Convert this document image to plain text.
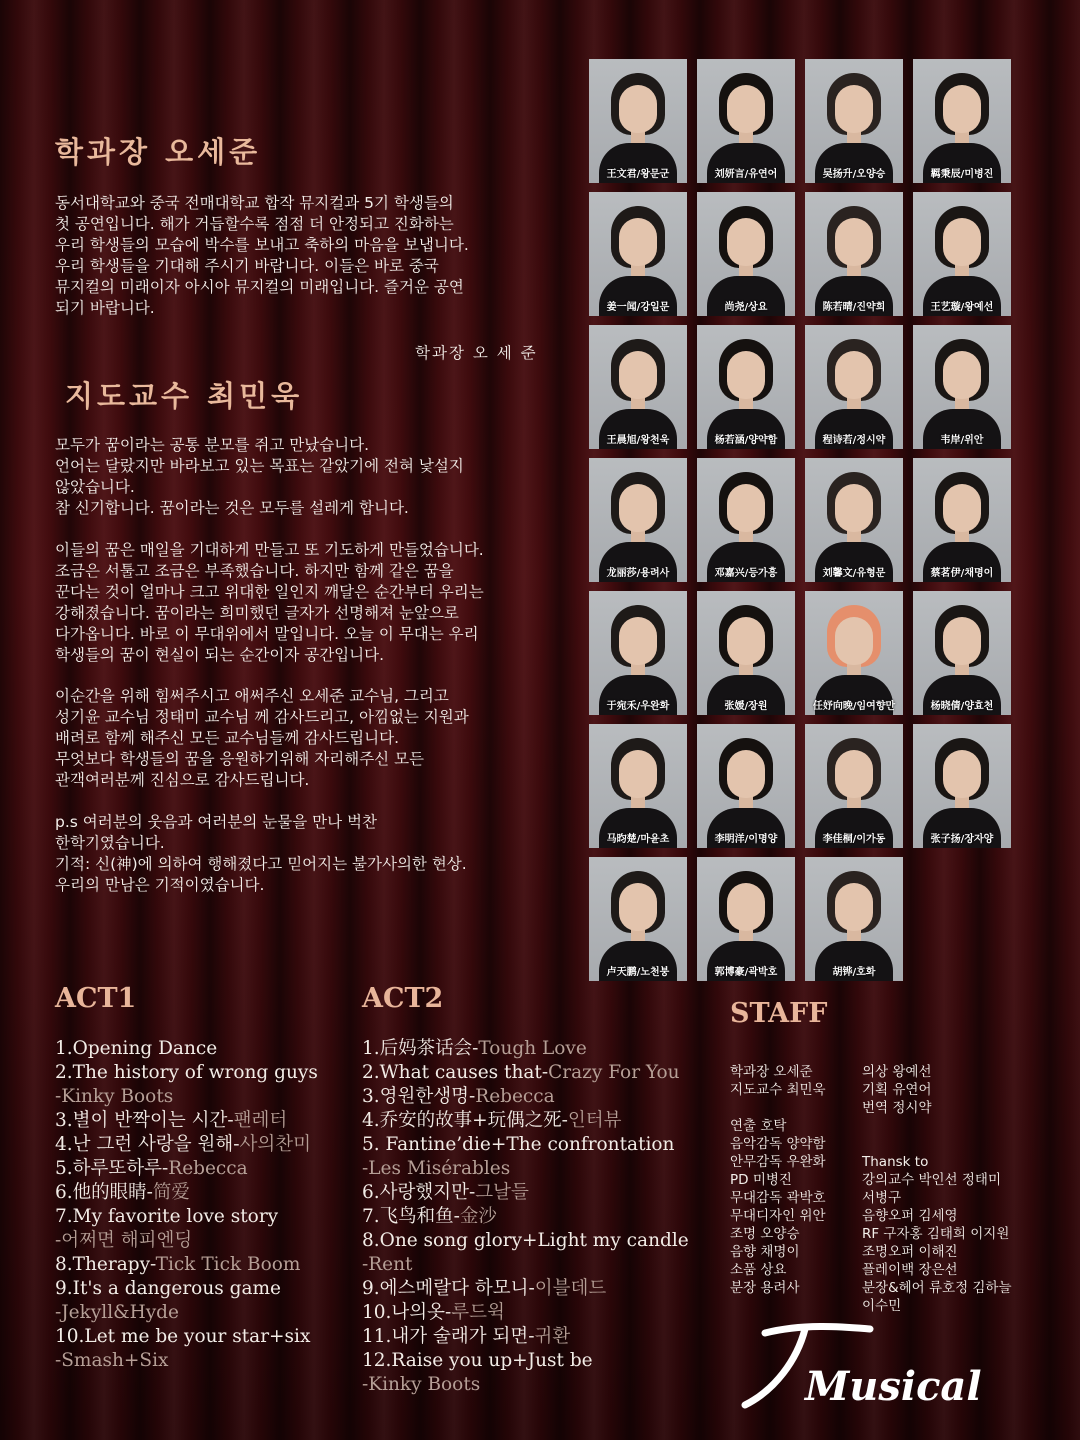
학과장 오세준

동서대학교와 중국 전매대학교 합작 뮤지컬과 5기 학생들의
첫 공연입니다. 해가 거듭할수록 점점 더 안정되고 진화하는
우리 학생들의 모습에 박수를 보내고 축하의 마음을 보냅니다.
우리 학생들을 기대해 주시기 바랍니다. 이들은 바로 중국
뮤지컬의 미래이자 아시아 뮤지컬의 미래입니다. 즐거운 공연
되기 바랍니다.

학과장 오 세 준
지도교수 최민욱

모두가 꿈이라는 공통 분모를 쥐고 만났습니다.
언어는 달랐지만 바라보고 있는 목표는 같았기에 전혀 낯설지
않았습니다.
참 신기합니다. 꿈이라는 것은 모두를 설레게 합니다.

이들의 꿈은 매일을 기대하게 만들고 또 기도하게 만들었습니다.
조금은 서툴고 조금은 부족했습니다. 하지만 함께 같은 꿈을
꾼다는 것이 얼마나 크고 위대한 일인지 깨달은 순간부터 우리는
강해졌습니다. 꿈이라는 희미했던 글자가 선명해져 눈앞으로
다가옵니다. 바로 이 무대위에서 말입니다. 오늘 이 무대는 우리
학생들의 꿈이 현실이 되는 순간이자 공간입니다.

이순간을 위해 힘써주시고 애써주신 오세준 교수님, 그리고
성기윤 교수님 정태미 교수님 께 감사드리고, 아낌없는 지원과
배려로 함께 해주신 모든 교수님들께 감사드립니다.
무엇보다 학생들의 꿈을 응원하기위해 자리해주신 모든
관객여러분께 진심으로 감사드립니다.

p.s 여러분의 웃음과 여러분의 눈물을 만나 벅찬
한학기였습니다.
기적: 신(神)에 의하여 행해졌다고 믿어지는 불가사의한 현상.
우리의 만남은 기적이였습니다.

王文君/왕문군	刘妍言/유연어	吴扬升/오양승	羁秉辰/미병진
姜一闻/강일문	尚尧/상요	陈若晴/진약희	王艺璇/왕예선
王晨旭/왕천욱	杨若涵/양약함	程诗若/정시약	韦岸/위안
龙丽莎/용려사	邓嘉兴/등가흥	刘馨文/유형문	蔡茗伊/채명이
于宛禾/우완화	张媛/장원	任妤向晚/임여향만	杨晓倩/양효천
马昀楚/마윤초	李明洋/이명양	李佳桐/이가동	张子扬/장자양
卢天鹏/노천붕	郭博豪/곽박호	胡铧/호화
ACT1
1.Opening Dance
2.The history of wrong guys
-Kinky Boots
3.별이 반짝이는 시간-팬레터
4.난 그런 사랑을 원해-사의찬미
5.하루또하루-Rebecca
6.他的眼睛-简爱
7.My favorite love story
-어쩌면 해피엔딩
8.Therapy-Tick Tick Boom
9.It's a dangerous game
-Jekyll&Hyde
10.Let me be your star+six
-Smash+Six
ACT2
1.后妈茶话会-Tough Love
2.What causes that-Crazy For You
3.영원한생명-Rebecca
4.乔安的故事+玩偶之死-인터뷰
5. Fantine’die+The confrontation
-Les Misérables
6.사랑했지만-그날들
7.飞鸟和鱼-金沙
8.One song glory+Light my candle
-Rent
9.에스메랄다 하모니-이블데드
10.나의옷-루드윅
11.내가 술래가 되면-귀환
12.Raise you up+Just be
-Kinky Boots
STAFF
학과장 오세준
지도교수 최민욱
연출 호탁
음악감독 양약함
안무감독 우완화
PD 미병진
무대감독 곽박호
무대디자인 위안
조명 오양승
음향 채명이
소품 상요
분장 용려사
의상 왕예선
기획 유연어
번역 정시약
Thansk to
강의교수 박인선 정태미
서병구
음향오퍼 김세영
RF 구자홍 김태희 이지원
조명오퍼 이해진
플레이백 장은선
분장&헤어 류호정 김하늘
이수민
Musical
